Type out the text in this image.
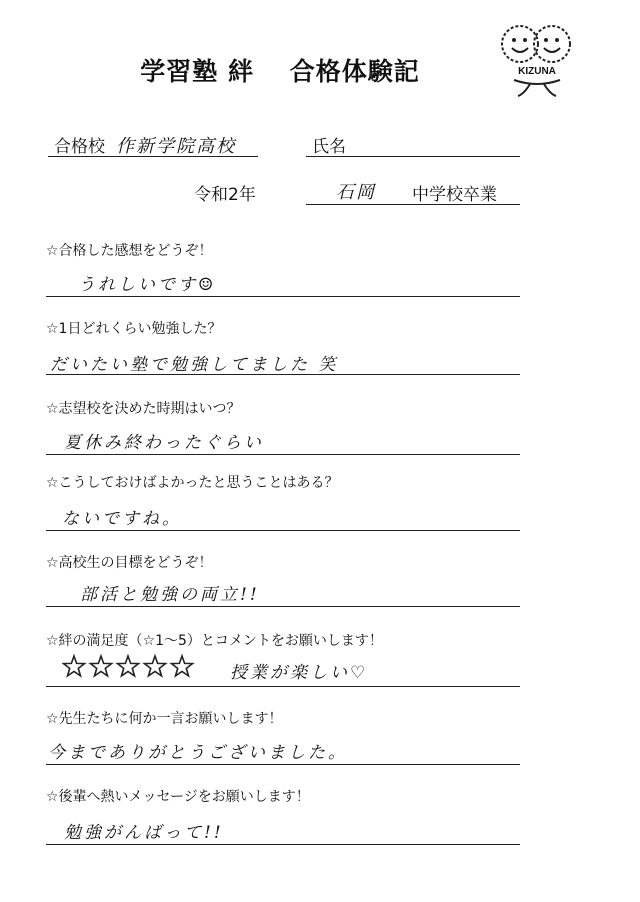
学習塾 絆　 合格体験記	KIZUNA
合格校 作新学院高校	氏名
令和2年	石岡 中学校卒業
☆合格した感想をどうぞ！
うれしいです☺
☆1日どれくらい勉強した？
だいたい塾で勉強してました 笑
☆志望校を決めた時期はいつ？
夏休み終わったぐらい
☆こうしておけばよかったと思うことはある？
ないですね。
☆高校生の目標をどうぞ！
部活と勉強の両立!!
☆絆の満足度（☆1～5）とコメントをお願いします！
授業が楽しい♡
☆先生たちに何か一言お願いします！
今までありがとうございました。
☆後輩へ熱いメッセージをお願いします！
勉強がんばって!!
